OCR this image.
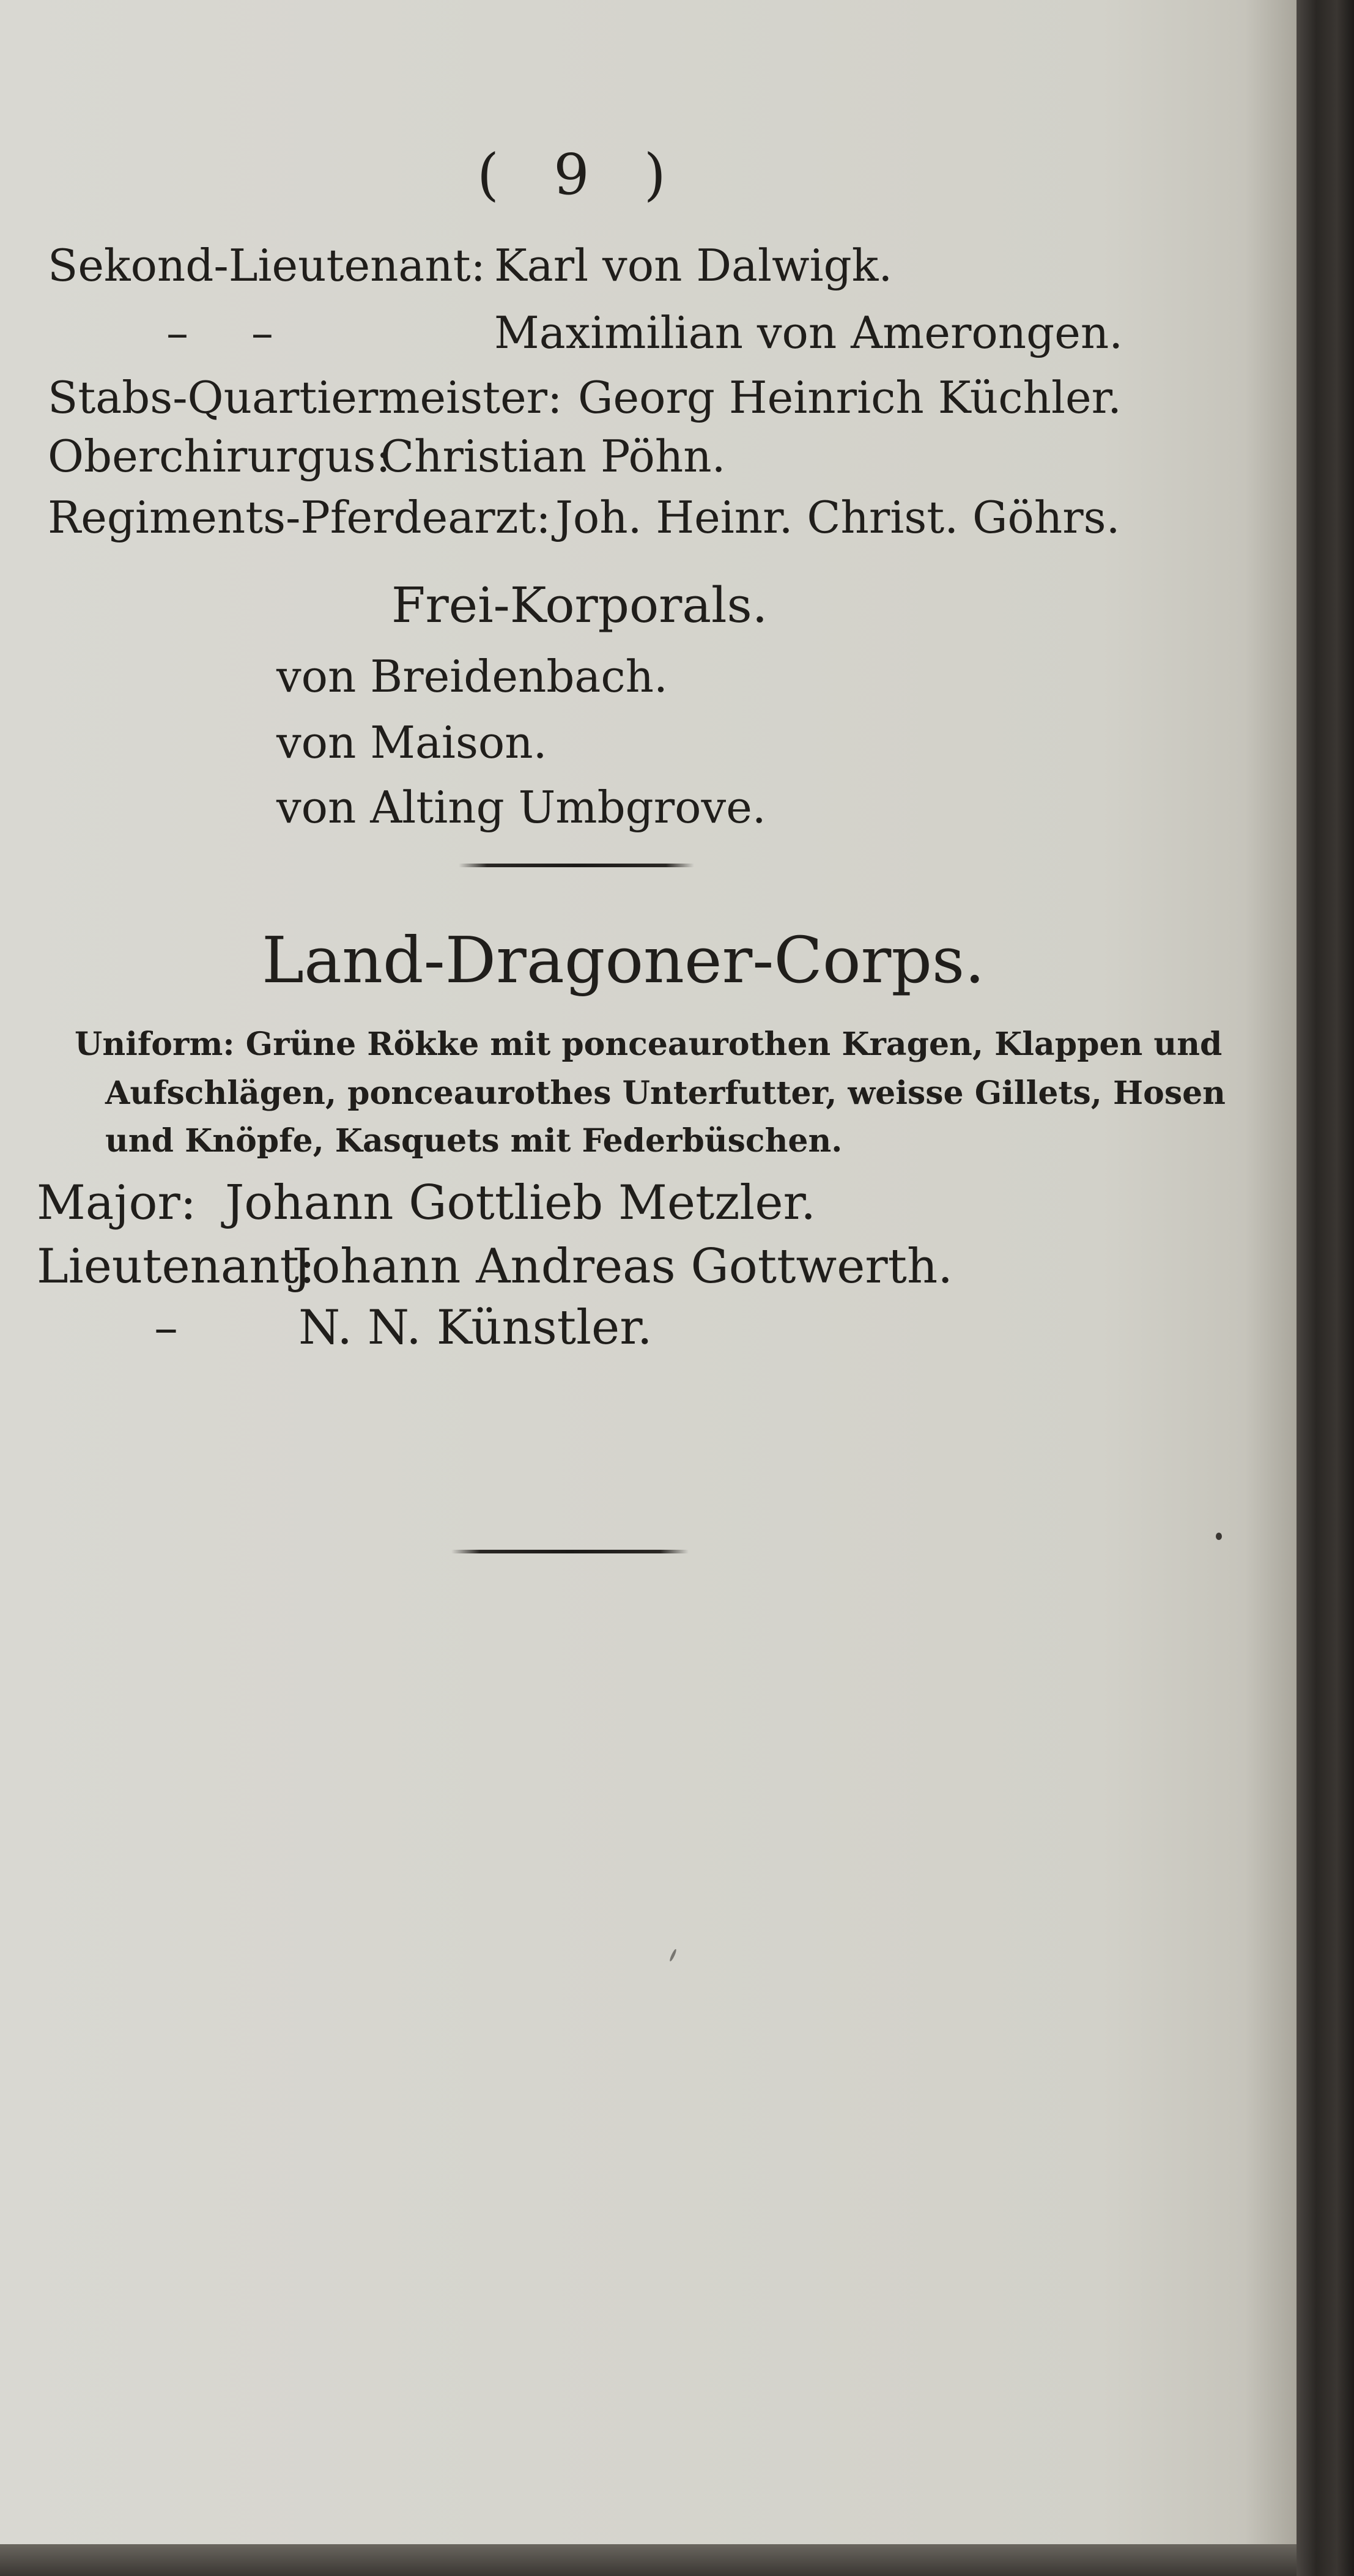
( 9 )
Sekond-Lieutenant: Karl von Dalwigk.
– –	Maximilian von Amerongen.
Stabs-Quartiermeister: Georg Heinrich Küchler.
Oberchirurgus:
Christian Pöhn.
Regiments-Pferdearzt: Joh. Heinr. Christ. Göhrs.
Frei-Korporals.
von Breidenbach.
von Maison.
von Alting Umbgrove.
Land-Dragoner-Corps.
Uniform: Grüne Rökke mit ponceaurothen Kragen, Klappen und
Aufschlägen, ponceaurothes Unterfutter, weisse Gillets, Hosen
und Knöpfe, Kasquets mit Federbüschen.
Major: Johann Gottlieb Metzler.
Lieutenant:
Johann Andreas Gottwerth.
–	N. N. Künstler.
